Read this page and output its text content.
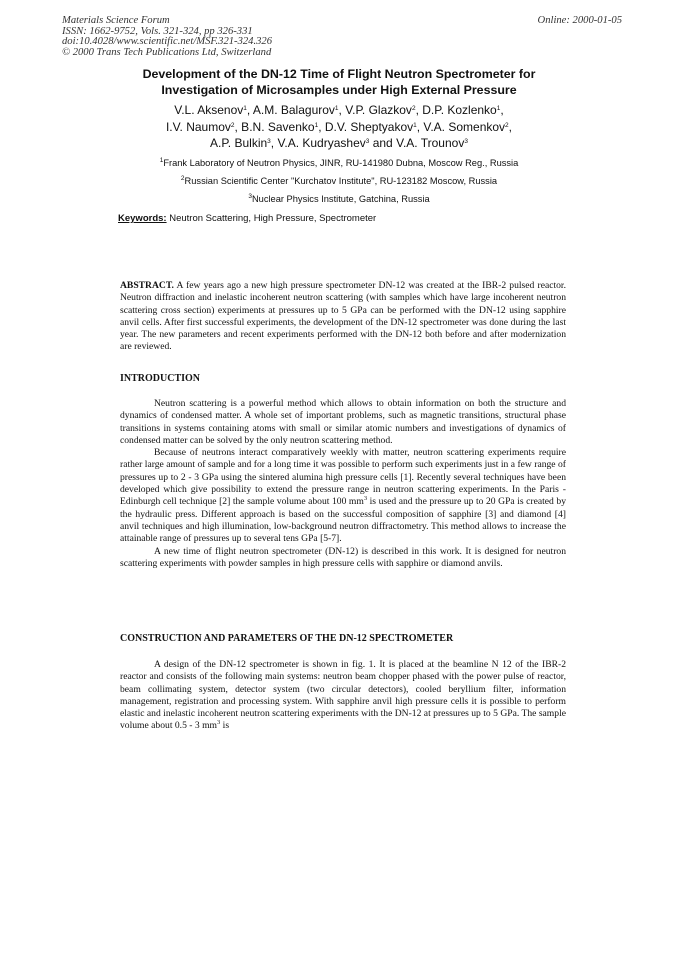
Materials Science Forum
ISSN: 1662-9752, Vols. 321-324, pp 326-331
doi:10.4028/www.scientific.net/MSF.321-324.326
© 2000 Trans Tech Publications Ltd, Switzerland
Online: 2000-01-05
Development of the DN-12 Time of Flight Neutron Spectrometer for
Investigation of Microsamples under High External Pressure
V.L. Aksenov$^1$, A.M. Balagurov$^1$, V.P. Glazkov$^2$, D.P. Kozlenko$^1$,
I.V. Naumov$^2$, B.N. Savenko$^1$, D.V. Sheptyakov$^1$, V.A. Somenkov$^2$,
A.P. Bulkin$^3$, V.A. Kudryashev$^3$ and V.A. Trounov$^3$
$^1$Frank Laboratory of Neutron Physics, JINR, RU-141980 Dubna, Moscow Reg., Russia
$^2$Russian Scientific Center "Kurchatov Institute", RU-123182 Moscow, Russia
$^3$Nuclear Physics Institute, Gatchina, Russia
Keywords: Neutron Scattering, High Pressure, Spectrometer

ABSTRACT. A few years ago a new high pressure spectrometer DN-12 was created at the IBR-2 pulsed reactor. Neutron diffraction and inelastic incoherent neutron scattering (with samples which have large incoherent neutron scattering cross section) experiments at pressures up to 5 GPa can be performed with the DN-12 using sapphire anvil cells. After first successful experiments, the development of the DN-12 spectrometer was done during the last year. The new parameters and recent experiments performed with the DN-12 both before and after modernization are reviewed.

INTRODUCTION

Neutron scattering is a powerful method which allows to obtain information on both the structure and dynamics of condensed matter. A whole set of important problems, such as magnetic transitions, structural phase transitions in systems containing atoms with small or similar atomic numbers and investigations of dynamics of condensed matter can be solved by the only neutron scattering method.

Because of neutrons interact comparatively weekly with matter, neutron scattering experiments require rather large amount of sample and for a long time it was possible to perform such experiments just in a few range of pressures up to 2 - 3 GPa using the sintered alumina high pressure cells [1]. Recently several techniques have been developed which give possibility to extend the pressure range in neutron scattering experiments. In the Paris - Edinburgh cell technique [2] the sample volume about 100 $mm^3$ is used and the pressure up to 20 GPa is created by the hydraulic press. Different approach is based on the successful composition of sapphire [3] and diamond [4] anvil techniques and high illumination, low-background neutron diffractometry. This method allows to increase the attainable range of pressures up to several tens GPa [5-7].

A new time of flight neutron spectrometer (DN-12) is described in this work. It is designed for neutron scattering experiments with powder samples in high pressure cells with sapphire or diamond anvils.

CONSTRUCTION AND PARAMETERS OF THE DN-12 SPECTROMETER

A design of the DN-12 spectrometer is shown in fig. 1. It is placed at the beamline N 12 of the IBR-2 reactor and consists of the following main systems: neutron beam chopper phased with the power pulse of reactor, beam collimating system, detector system (two circular detectors), cooled beryllium filter, information management, registration and processing system. With sapphire anvil high pressure cells it is possible to perform elastic and inelastic incoherent neutron scattering experiments with the DN-12 at pressures up to 5 GPa. The sample volume about 0.5 - 3 $mm^3$ is
